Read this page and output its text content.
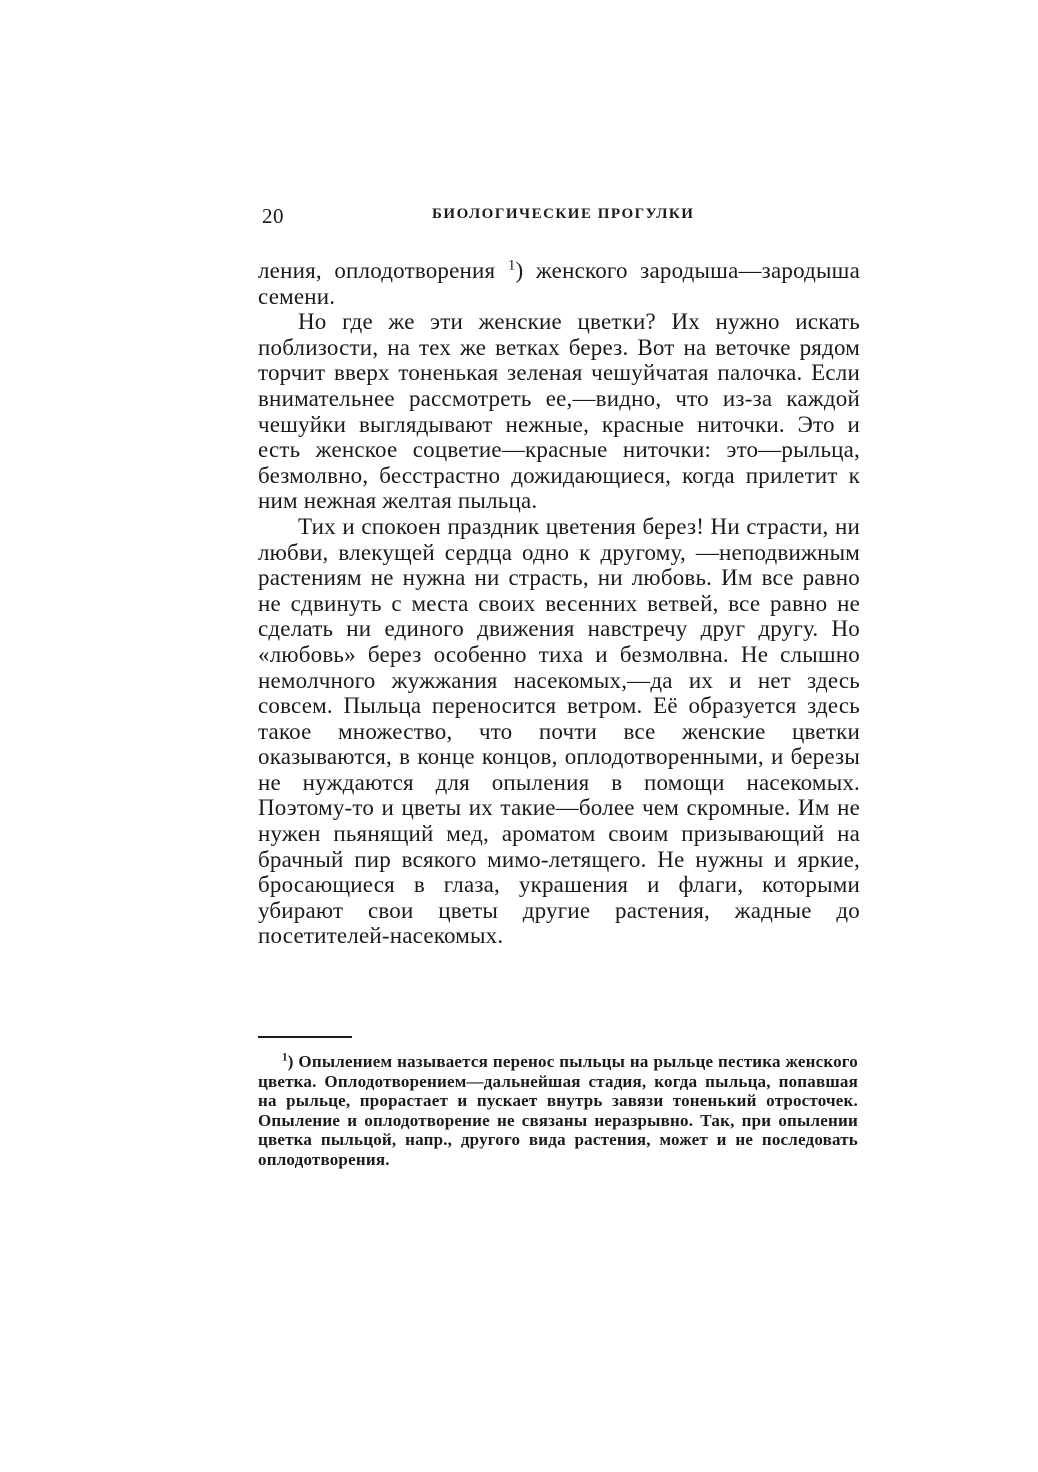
20	БИОЛОГИЧЕСКИЕ ПРОГУЛКИ

ления, оплодотворения $^1$) женского зародыша—зародыша семени.

Но где же эти женские цветки? Их нужно искать поблизости, на тех же ветках берез. Вот на веточке рядом торчит вверх тоненькая зеленая чешуйчатая палочка. Если внимательнее рассмотреть ее,—видно, что из-за каждой чешуйки выглядывают нежные, красные ниточки. Это и есть женское соцветие—красные ниточки: это—рыльца, безмолвно, бесстрастно дожидающиеся, когда прилетит к ним нежная желтая пыльца.

Тих и спокоен праздник цветения берез! Ни страсти, ни любви, влекущей сердца одно к другому, —неподвижным растениям не нужна ни страсть, ни любовь. Им все равно не сдвинуть с места своих весенних ветвей, все равно не сделать ни единого движения навстречу друг другу. Но «любовь» берез особенно тиха и безмолвна. Не слышно немолчного жужжания насекомых,—да их и нет здесь совсем. Пыльца переносится ветром. Её образуется здесь такое множество, что почти все женские цветки оказываются, в конце концов, оплодотворенными, и березы не нуждаются для опыления в помощи насекомых. Поэтому-то и цветы их такие—более чем скромные. Им не нужен пьянящий мед, ароматом своим призывающий на брачный пир всякого мимо-летящего. Не нужны и яркие, бросающиеся в глаза, украшения и флаги, которыми убирают свои цветы другие растения, жадные до посетителей-насекомых.

$^1$) Опылением называется перенос пыльцы на рыльце пестика женского цветка. Оплодотворением—дальнейшая стадия, когда пыльца, попавшая на рыльце, прорастает и пускает внутрь завязи тоненький отросточек. Опыление и оплодотворение не связаны неразрывно. Так, при опылении цветка пыльцой, напр., другого вида растения, может и не последовать оплодотворения.
